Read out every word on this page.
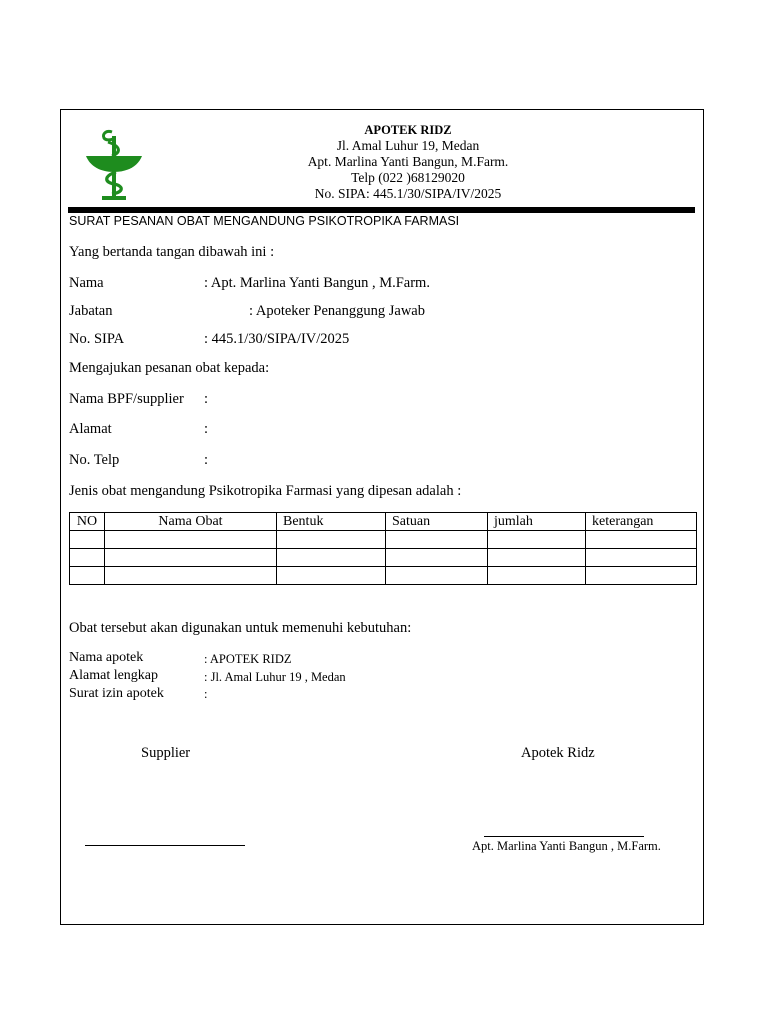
APOTEK RIDZ
Jl. Amal Luhur 19, Medan
Apt. Marlina Yanti Bangun, M.Farm.
Telp (022 )68129020
No. SIPA: 445.1/30/SIPA/IV/2025
SURAT PESANAN OBAT MENGANDUNG PSIKOTROPIKA FARMASI
Yang bertanda tangan dibawah ini :
Nama	: Apt. Marlina Yanti Bangun , M.Farm.
Jabatan	: Apoteker Penanggung Jawab
No. SIPA	: 445.1/30/SIPA/IV/2025
Mengajukan pesanan obat kepada:
Nama BPF/supplier :
Alamat	:
No. Telp	:
Jenis obat mengandung Psikotropika Farmasi yang dipesan adalah :
NO	Nama Obat	Bentuk	Satuan	jumlah	keterangan

Obat tersebut akan digunakan untuk memenuhi kebutuhan:
Nama apotek	: APOTEK RIDZ
Alamat lengkap	: Jl. Amal Luhur 19 , Medan
Surat izin apotek	:
Supplier	Apotek Ridz
Apt. Marlina Yanti Bangun , M.Farm.
